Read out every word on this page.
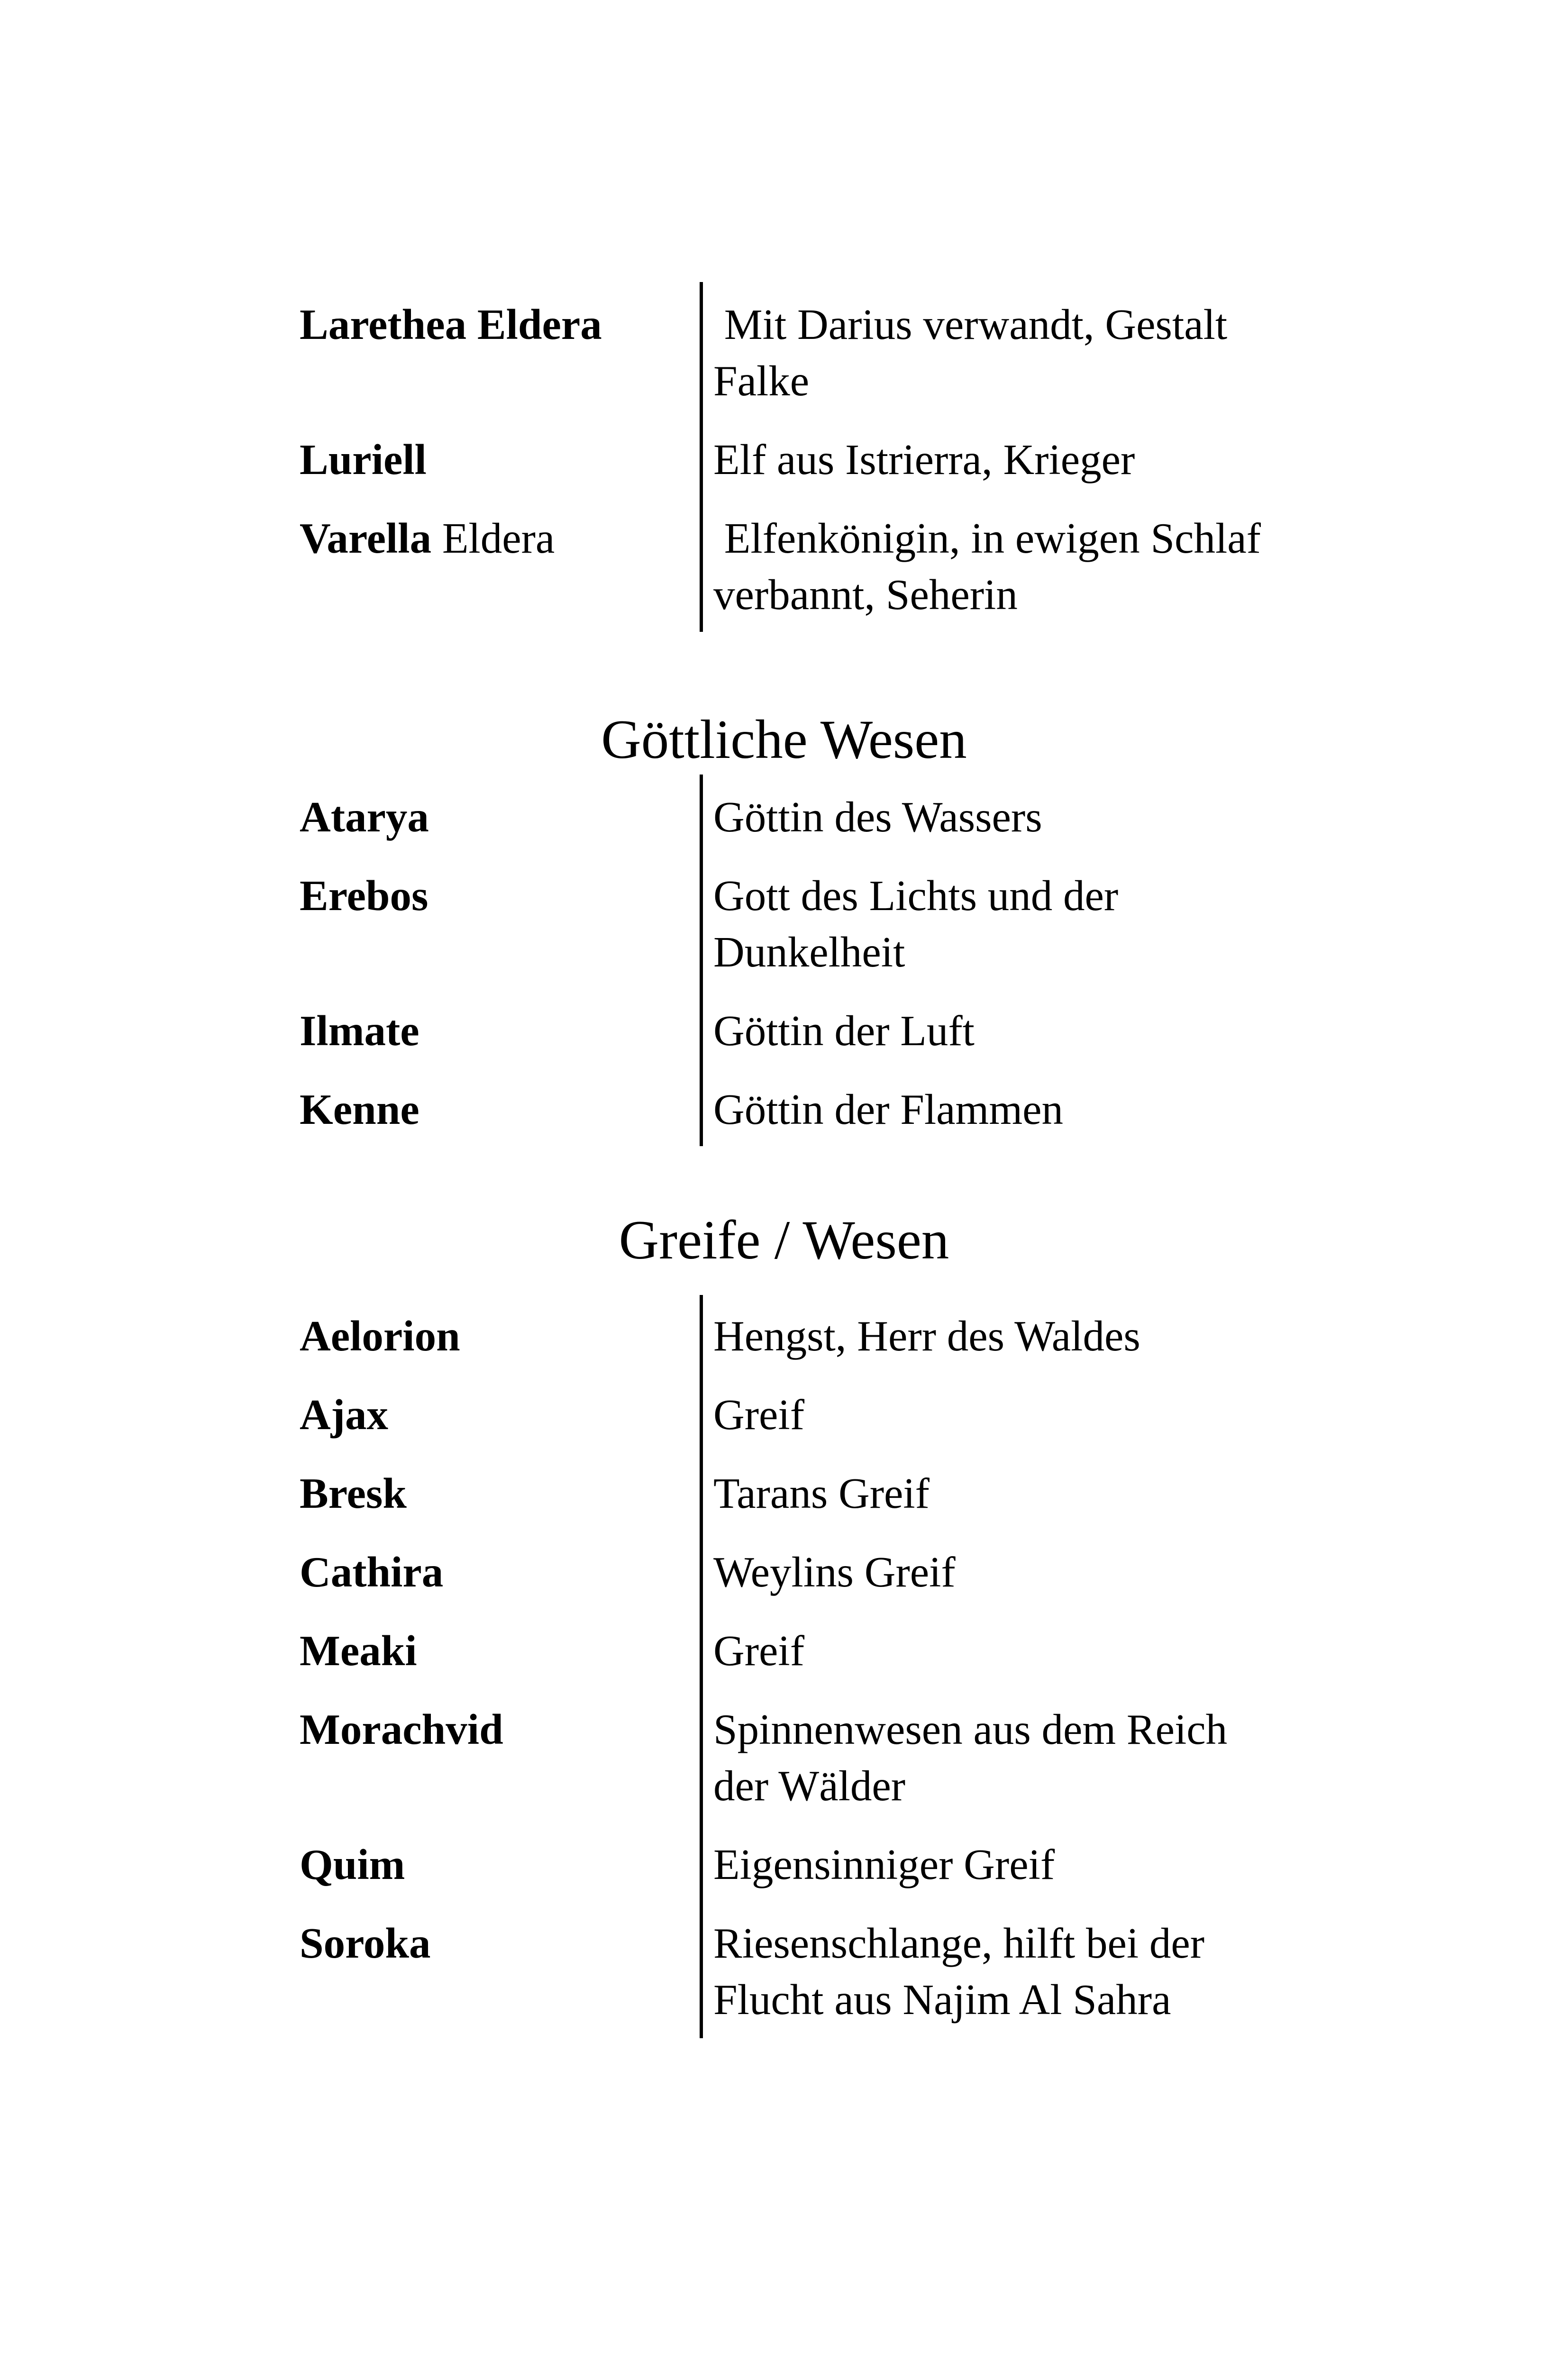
Larethea Eldera	Mit Darius verwandt, Gestalt
Falke
Luriell	Elf aus Istrierra, Krieger
Varella Eldera	Elfenkönigin, in ewigen Schlaf
verbannt, Seherin
Göttliche Wesen
Atarya	Göttin des Wassers
Erebos	Gott des Lichts und der
Dunkelheit
Ilmate	Göttin der Luft
Kenne	Göttin der Flammen
Greife / Wesen
Aelorion	Hengst, Herr des Waldes
Ajax	Greif
Bresk	Tarans Greif
Cathira	Weylins Greif
Meaki	Greif
Morachvid	Spinnenwesen aus dem Reich
der Wälder
Quim	Eigensinniger Greif
Soroka	Riesenschlange, hilft bei der
Flucht aus Najim Al Sahra
